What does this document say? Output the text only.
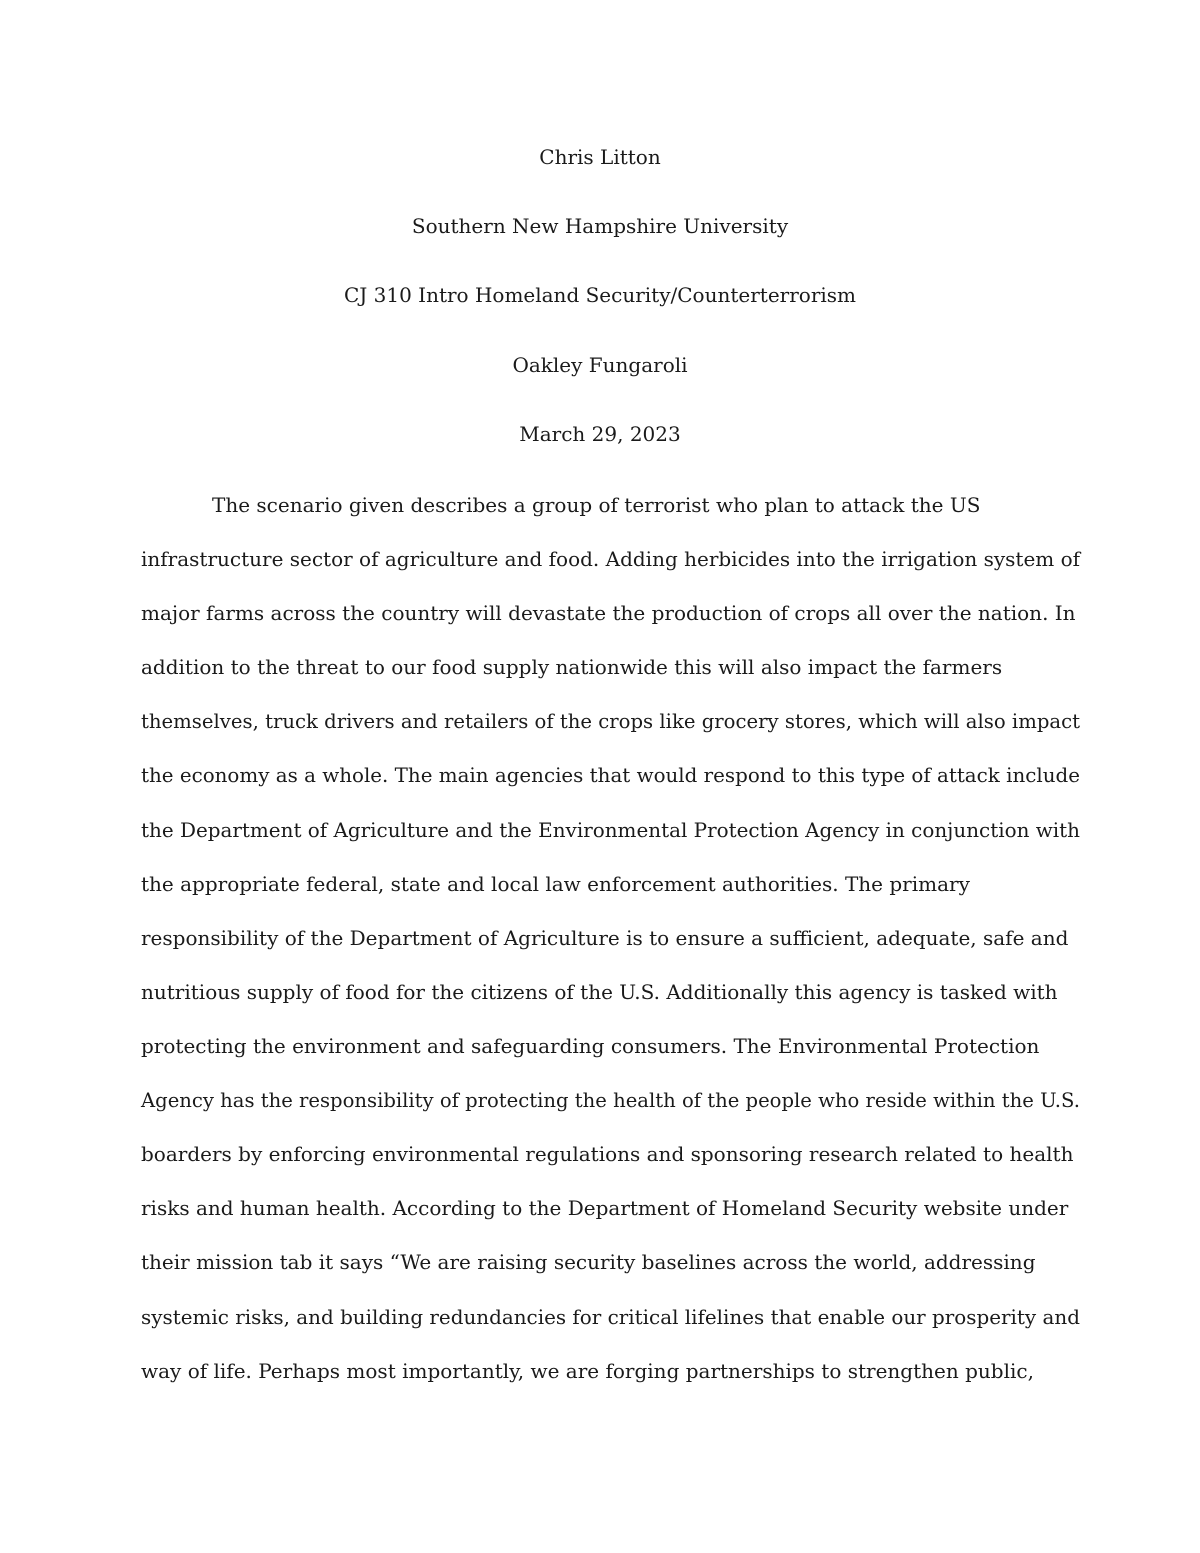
Chris Litton
Southern New Hampshire University
CJ 310 Intro Homeland Security/Counterterrorism
Oakley Fungaroli
March 29, 2023
The scenario given describes a group of terrorist who plan to attack the US
infrastructure sector of agriculture and food. Adding herbicides into the irrigation system of
major farms across the country will devastate the production of crops all over the nation. In
addition to the threat to our food supply nationwide this will also impact the farmers
themselves, truck drivers and retailers of the crops like grocery stores, which will also impact
the economy as a whole. The main agencies that would respond to this type of attack include
the Department of Agriculture and the Environmental Protection Agency in conjunction with
the appropriate federal, state and local law enforcement authorities. The primary
responsibility of the Department of Agriculture is to ensure a sufficient, adequate, safe and
nutritious supply of food for the citizens of the U.S. Additionally this agency is tasked with
protecting the environment and safeguarding consumers. The Environmental Protection
Agency has the responsibility of protecting the health of the people who reside within the U.S.
boarders by enforcing environmental regulations and sponsoring research related to health
risks and human health. According to the Department of Homeland Security website under
their mission tab it says “We are raising security baselines across the world, addressing
systemic risks, and building redundancies for critical lifelines that enable our prosperity and
way of life. Perhaps most importantly, we are forging partnerships to strengthen public,
